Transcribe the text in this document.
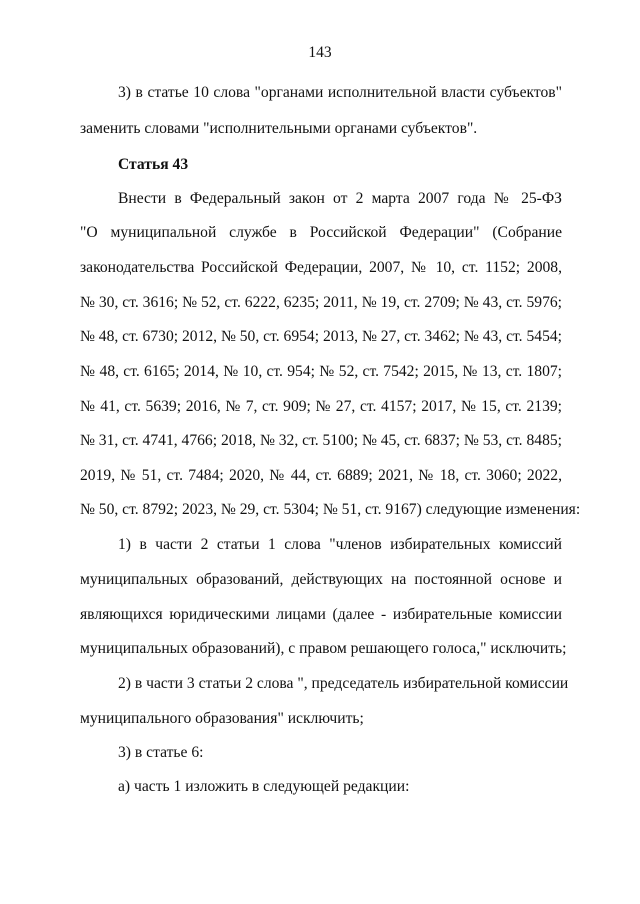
143
3) в статье 10 слова "органами исполнительной власти субъектов"
заменить словами "исполнительными органами субъектов".
Статья 43
Внести в Федеральный закон от 2 марта 2007 года № 25-ФЗ
"О муниципальной службе в Российской Федерации" (Собрание
законодательства Российской Федерации, 2007, № 10, ст. 1152; 2008,
№ 30, ст. 3616; № 52, ст. 6222, 6235; 2011, № 19, ст. 2709; № 43, ст. 5976;
№ 48, ст. 6730; 2012, № 50, ст. 6954; 2013, № 27, ст. 3462; № 43, ст. 5454;
№ 48, ст. 6165; 2014, № 10, ст. 954; № 52, ст. 7542; 2015, № 13, ст. 1807;
№ 41, ст. 5639; 2016, № 7, ст. 909; № 27, ст. 4157; 2017, № 15, ст. 2139;
№ 31, ст. 4741, 4766; 2018, № 32, ст. 5100; № 45, ст. 6837; № 53, ст. 8485;
2019, № 51, ст. 7484; 2020, № 44, ст. 6889; 2021, № 18, ст. 3060; 2022,
№ 50, ст. 8792; 2023, № 29, ст. 5304; № 51, ст. 9167) следующие изменения:
1) в части 2 статьи 1 слова "членов избирательных комиссий
муниципальных образований, действующих на постоянной основе и
являющихся юридическими лицами (далее - избирательные комиссии
муниципальных образований), с правом решающего голоса," исключить;
2) в части 3 статьи 2 слова ", председатель избирательной комиссии
муниципального образования" исключить;
3) в статье 6:
а) часть 1 изложить в следующей редакции:
